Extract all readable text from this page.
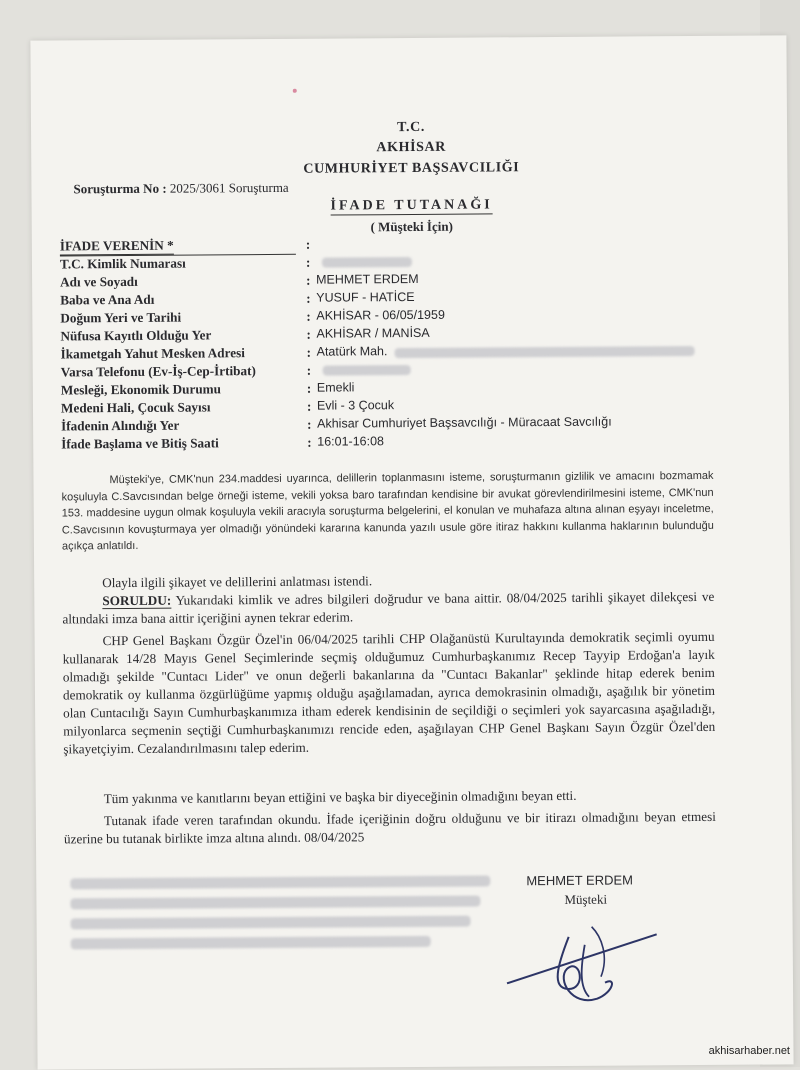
T.C.
AKHİSAR
CUMHURİYET BAŞSAVCILIĞI
Soruşturma No : 2025/3061 Soruşturma
İFADE TUTANAĞI
( Müşteki İçin)
İFADE VERENİN *	:
T.C. Kimlik Numarası	:
Adı ve Soyadı	: MEHMET ERDEM
Baba ve Ana Adı	: YUSUF - HATİCE
Doğum Yeri ve Tarihi	: AKHİSAR - 06/05/1959
Nüfusa Kayıtlı Olduğu Yer	: AKHİSAR / MANİSA
İkametgah Yahut Mesken Adresi	: Atatürk Mah.
Varsa Telefonu (Ev-İş-Cep-İrtibat)	:
Mesleği, Ekonomik Durumu	: Emekli
Medeni Hali, Çocuk Sayısı	: Evli - 3 Çocuk
İfadenin Alındığı Yer	: Akhisar Cumhuriyet Başsavcılığı - Müracaat Savcılığı
İfade Başlama ve Bitiş Saati	: 16:01-16:08
Müşteki'ye, CMK'nun 234.maddesi uyarınca, delillerin toplanmasını isteme, soruşturmanın gizlilik ve amacını bozmamak koşuluyla C.Savcısından belge örneği isteme, vekili yoksa baro tarafından kendisine bir avukat görevlendirilmesini isteme, CMK'nun 153. maddesine uygun olmak koşuluyla vekili aracıyla soruşturma belgelerini, el konulan ve muhafaza altına alınan eşyayı inceletme, C.Savcısının kovuşturmaya yer olmadığı yönündeki kararına kanunda yazılı usule göre itiraz hakkını kullanma haklarının bulunduğu açıkça anlatıldı.
Olayla ilgili şikayet ve delillerini anlatması istendi.
SORULDU: Yukarıdaki kimlik ve adres bilgileri doğrudur ve bana aittir. 08/04/2025 tarihli şikayet dilekçesi ve altındaki imza bana aittir içeriğini aynen tekrar ederim.
CHP Genel Başkanı Özgür Özel'in 06/04/2025 tarihli CHP Olağanüstü Kurultayında demokratik seçimli oyumu kullanarak 14/28 Mayıs Genel Seçimlerinde seçmiş olduğumuz Cumhurbaşkanımız Recep Tayyip Erdoğan'a layık olmadığı şekilde "Cuntacı Lider" ve onun değerli bakanlarına da "Cuntacı Bakanlar" şeklinde hitap ederek benim demokratik oy kullanma özgürlüğüme yapmış olduğu aşağılamadan, ayrıca demokrasinin olmadığı, aşağılık bir yönetim olan Cuntacılığı Sayın Cumhurbaşkanımıza itham ederek kendisinin de seçildiği o seçimleri yok sayarcasına aşağıladığı, milyonlarca seçmenin seçtiği Cumhurbaşkanımızı rencide eden, aşağılayan CHP Genel Başkanı Sayın Özgür Özel'den şikayetçiyim. Cezalandırılmasını talep ederim.
Tüm yakınma ve kanıtlarını beyan ettiğini ve başka bir diyeceğinin olmadığını beyan etti.
Tutanak ifade veren tarafından okundu. İfade içeriğinin doğru olduğunu ve bir itirazı olmadığını beyan etmesi üzerine bu tutanak birlikte imza altına alındı. 08/04/2025
MEHMET ERDEM
Müşteki
akhisarhaber.net
